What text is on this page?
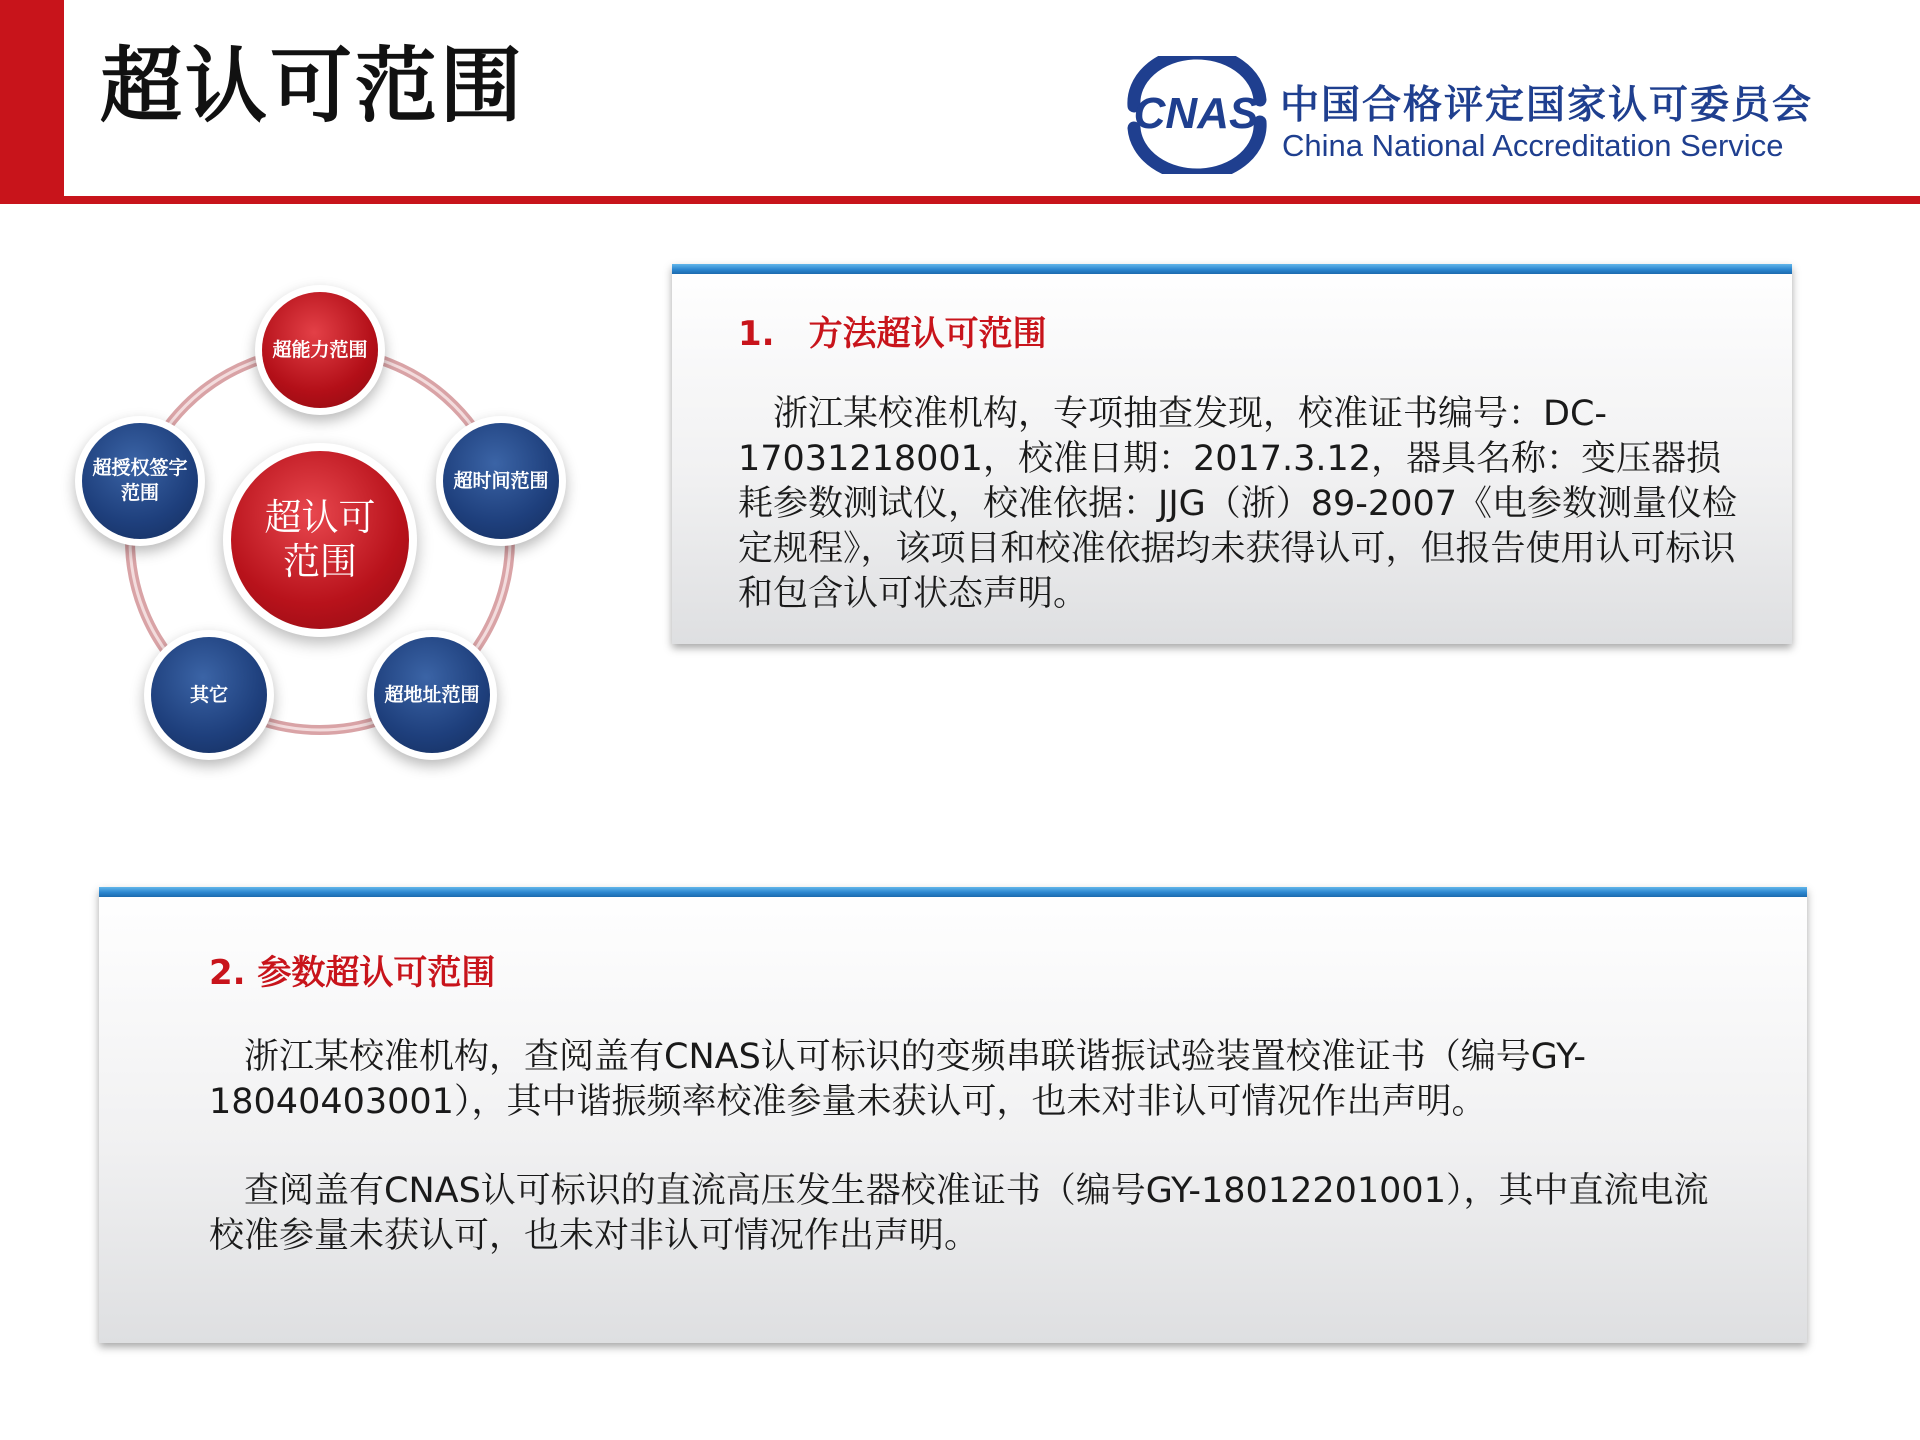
超认可范围	CNAS 中国合格评定国家认可委员会
China National Accreditation Service
超认可范围
超能力范围
超时间范围
超地址范围
其它
超授权签字范围
1.　方法超认可范围

　浙江某校准机构，专项抽查发现，校准证书编号：DC-17031218001，校准日期：2017.3.12，器具名称：变压器损耗参数测试仪，校准依据：JJG（浙）89-2007《电参数测量仪检定规程》，该项目和校准依据均未获得认可，但报告使用认可标识和包含认可状态声明。

2. 参数超认可范围

　浙江某校准机构，查阅盖有CNAS认可标识的变频串联谐振试验装置校准证书（编号GY-18040403001），其中谐振频率校准参量未获认可，也未对非认可情况作出声明。

　查阅盖有CNAS认可标识的直流高压发生器校准证书（编号GY-18012201001），其中直流电流校准参量未获认可，也未对非认可情况作出声明。
